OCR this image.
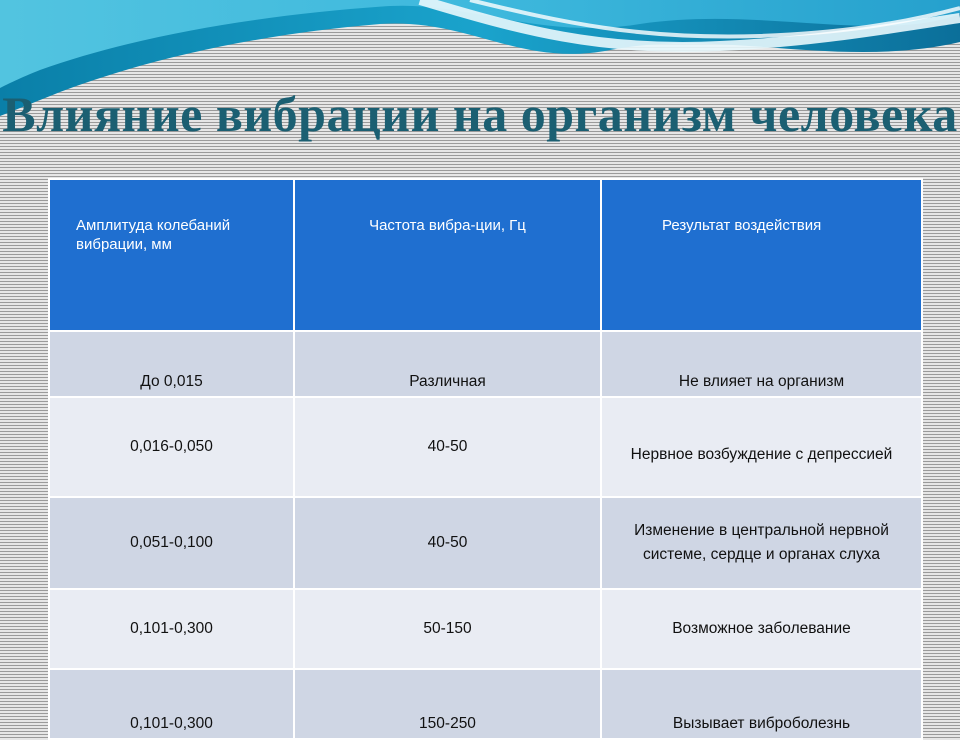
Влияние вибрации на организм человека
Амплитуда колебаний вибрации, мм	Частота вибра-ции, Гц	Результат воздействия
До 0,015	Различная	Не влияет на организм
0,016-0,050	40-50	Нервное возбуждение с депрессией
0,051-0,100	40-50	Изменение в центральной нервной системе, сердце и органах слуха
0,101-0,300	50-150	Возможное заболевание
0,101-0,300	150-250	Вызывает виброболезнь
